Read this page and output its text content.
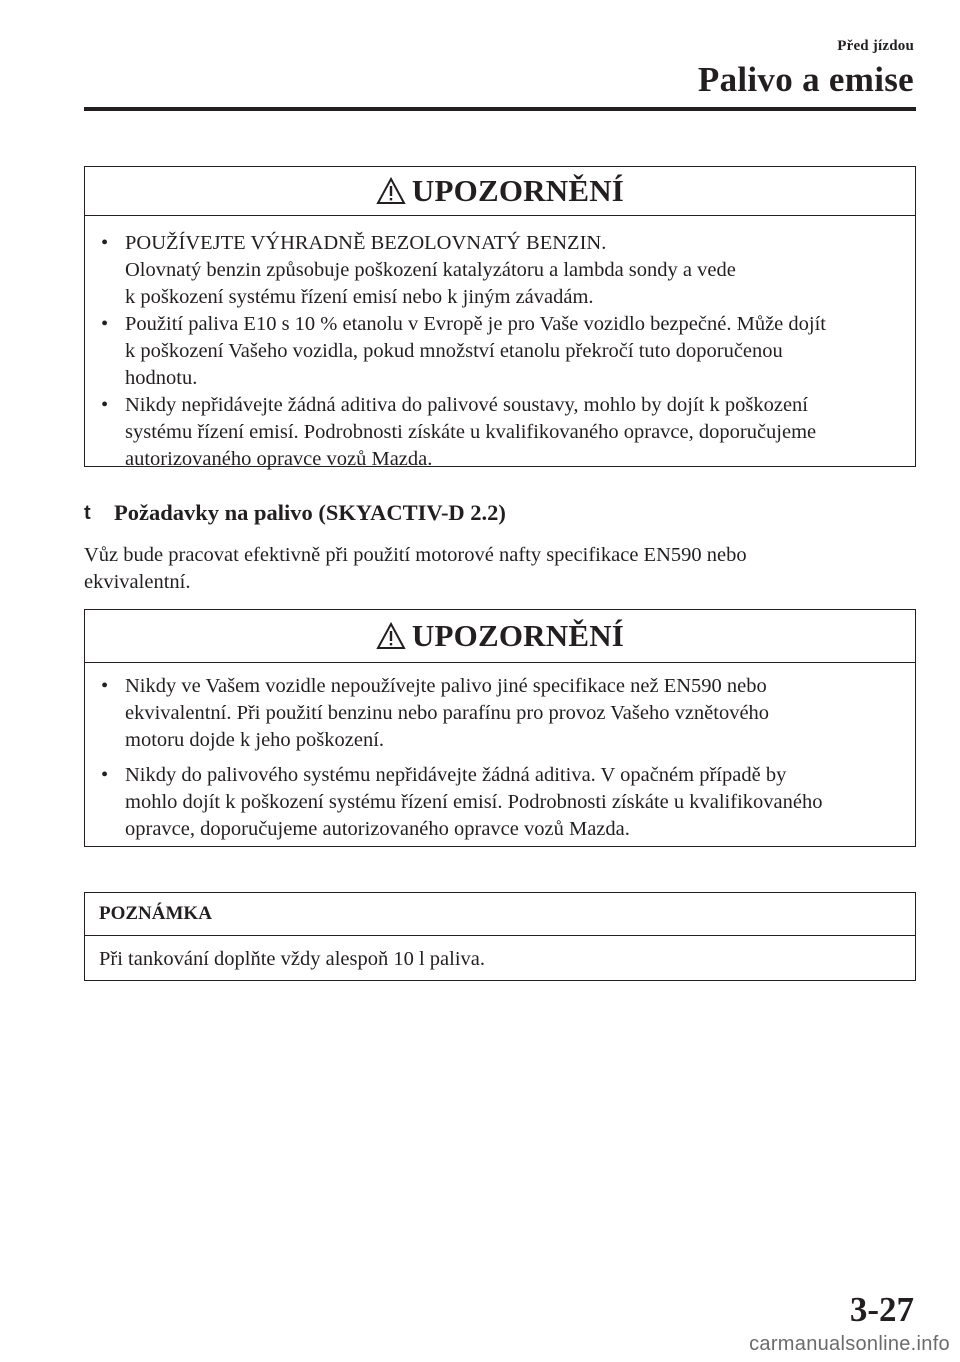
Před jízdou
Palivo a emise
UPOZORNĚNÍ
• POUŽÍVEJTE VÝHRADNĚ BEZOLOVNATÝ BENZIN.
Olovnatý benzin způsobuje poškození katalyzátoru a lambda sondy a vede
k poškození systému řízení emisí nebo k jiným závadám.
• Použití paliva E10 s 10 % etanolu v Evropě je pro Vaše vozidlo bezpečné. Může dojít
k poškození Vašeho vozidla, pokud množství etanolu překročí tuto doporučenou
hodnotu.
• Nikdy nepřidávejte žádná aditiva do palivové soustavy, mohlo by dojít k poškození
systému řízení emisí. Podrobnosti získáte u kvalifikovaného opravce, doporučujeme
autorizovaného opravce vozů Mazda.
t Požadavky na palivo (SKYACTIV-D 2.2)
Vůz bude pracovat efektivně při použití motorové nafty specifikace EN590 nebo
ekvivalentní.
UPOZORNĚNÍ
• Nikdy ve Vašem vozidle nepoužívejte palivo jiné specifikace než EN590 nebo
ekvivalentní. Při použití benzinu nebo parafínu pro provoz Vašeho vznětového
motoru dojde k jeho poškození.
• Nikdy do palivového systému nepřidávejte žádná aditiva. V opačném případě by
mohlo dojít k poškození systému řízení emisí. Podrobnosti získáte u kvalifikovaného
opravce, doporučujeme autorizovaného opravce vozů Mazda.
POZNÁMKA
Při tankování doplňte vždy alespoň 10 l paliva.
3-27
carmanualsonline.info
